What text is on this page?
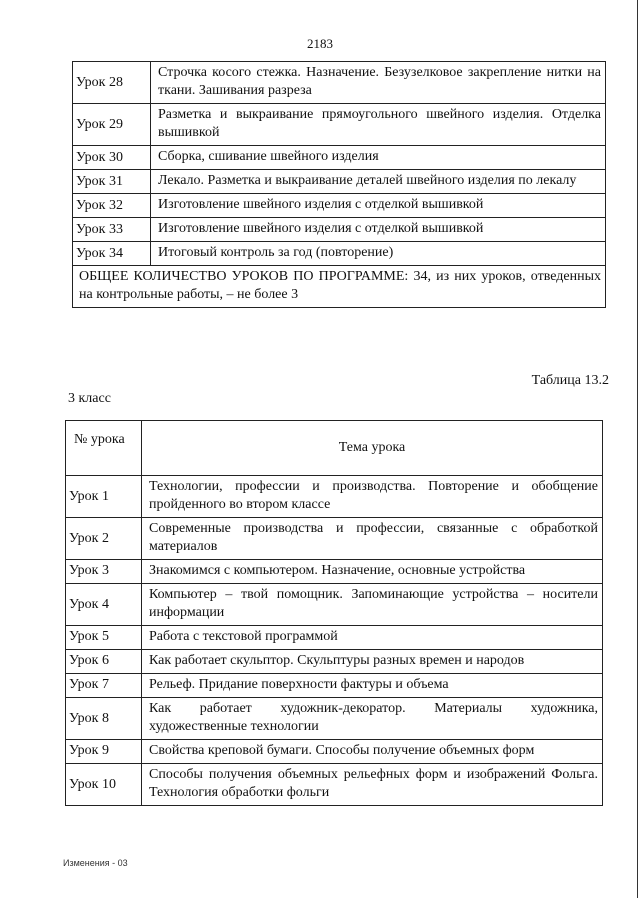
2183
Урок 28	Строчка косого стежка. Назначение. Безузелковое закрепление нитки на ткани. Зашивания разреза
Урок 29	Разметка и выкраивание прямоугольного швейного изделия. Отделка вышивкой
Урок 30	Сборка, сшивание швейного изделия
Урок 31	Лекало. Разметка и выкраивание деталей швейного изделия по лекалу
Урок 32	Изготовление швейного изделия с отделкой вышивкой
Урок 33	Изготовление швейного изделия с отделкой вышивкой
Урок 34	Итоговый контроль за год (повторение)
ОБЩЕЕ КОЛИЧЕСТВО УРОКОВ ПО ПРОГРАММЕ: 34, из них уроков, отведенных на контрольные работы, – не более 3	
Таблица 13.2
3 класс
№ урока	Тема урока
Урок 1	Технологии, профессии и производства. Повторение и обобщение пройденного во втором классе
Урок 2	Современные производства и профессии, связанные с обработкой материалов
Урок 3	Знакомимся с компьютером. Назначение, основные устройства
Урок 4	Компьютер – твой помощник. Запоминающие устройства – носители информации
Урок 5	Работа с текстовой программой
Урок 6	Как работает скульптор. Скульптуры разных времен и народов
Урок 7	Рельеф. Придание поверхности фактуры и объема
Урок 8	Как работает художник-декоратор. Материалы художника, художественные технологии
Урок 9	Свойства креповой бумаги. Способы получение объемных форм
Урок 10	Способы получения объемных рельефных форм и изображений Фольга. Технология обработки фольги
Изменения - 03
